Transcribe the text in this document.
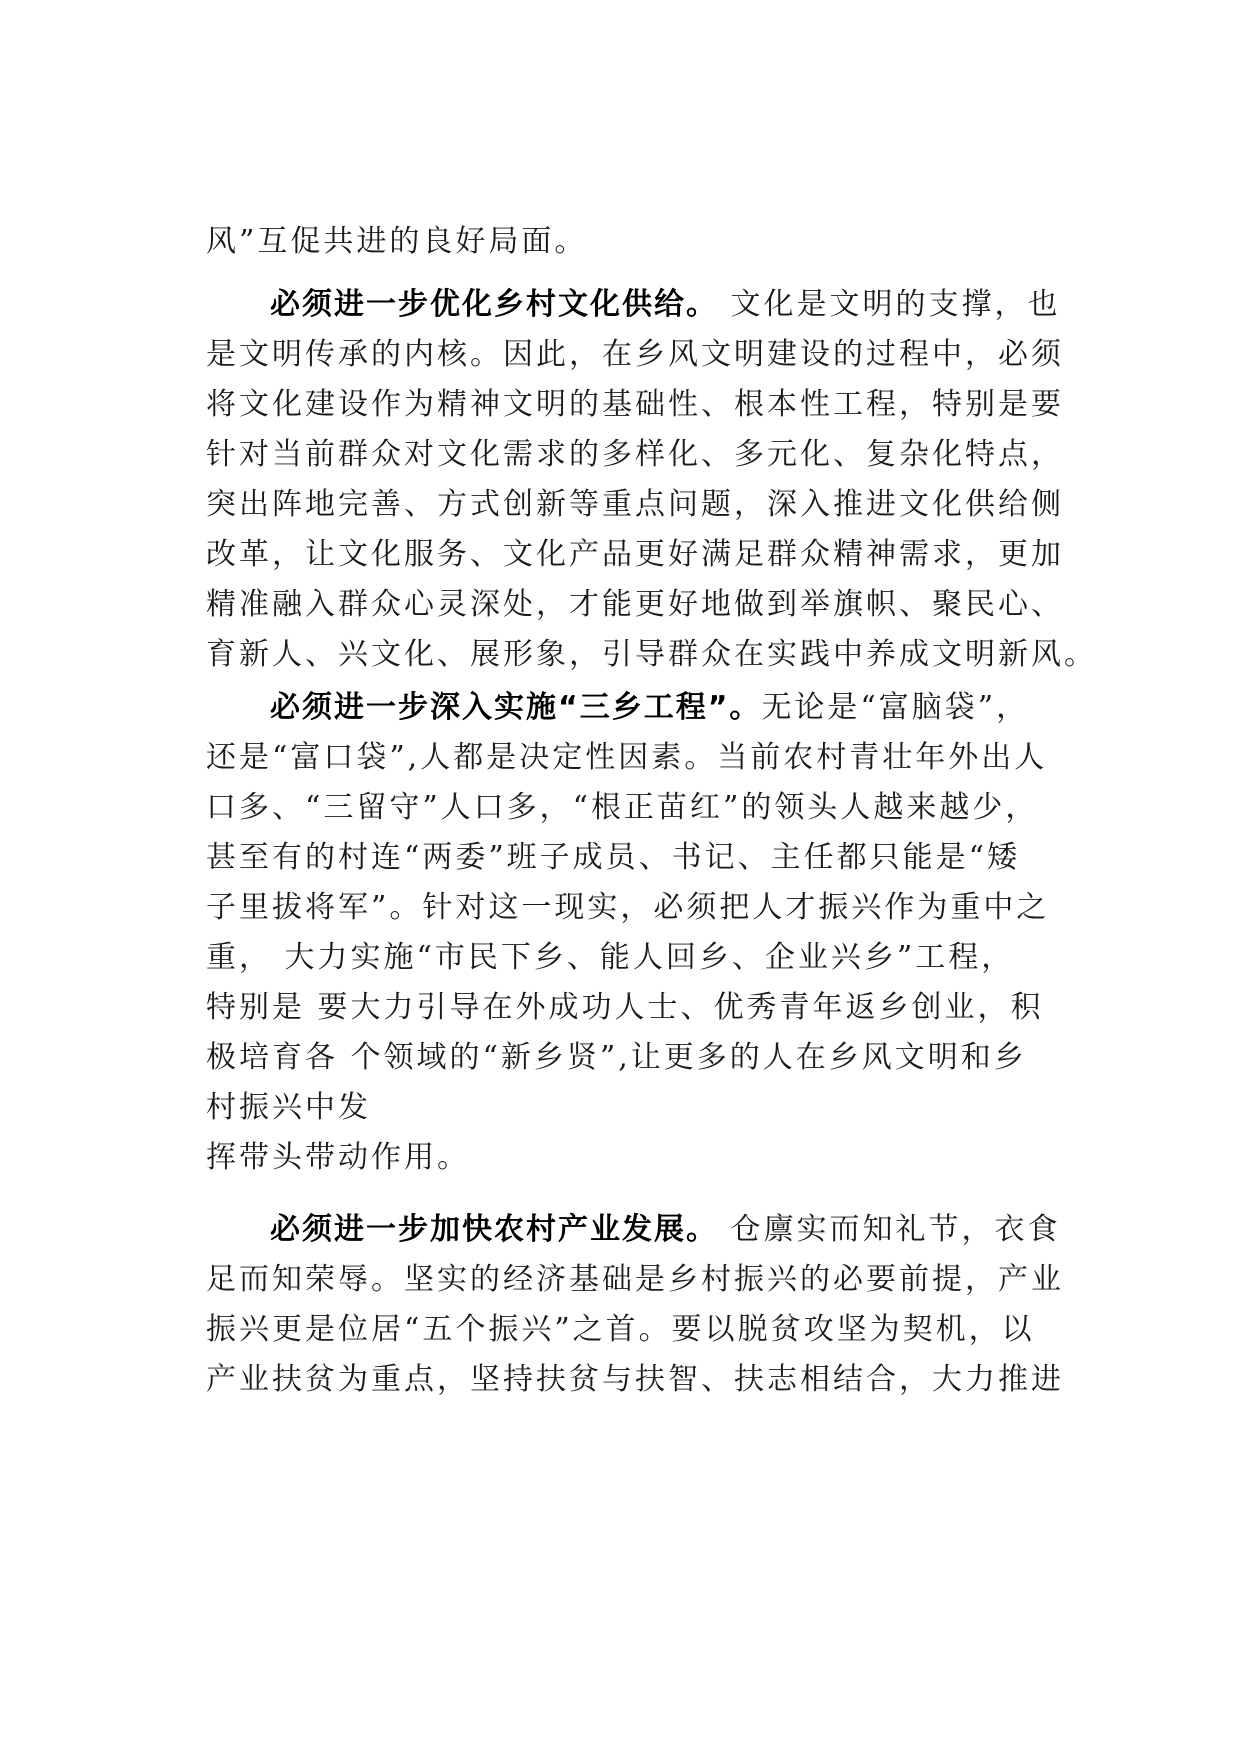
风”互促共进的良好局面。
必须进一步优化乡村文化供给。 文化是文明的支撑，也
是文明传承的内核。因此，在乡风文明建设的过程中，必须
将文化建设作为精神文明的基础性、根本性工程，特别是要
针对当前群众对文化需求的多样化、多元化、复杂化特点，
突出阵地完善、方式创新等重点问题，深入推进文化供给侧
改革，让文化服务、文化产品更好满足群众精神需求，更加
精准融入群众心灵深处，才能更好地做到举旗帜、聚民心、
育新人、兴文化、展形象，引导群众在实践中养成文明新风。
必须进一步深入实施“三乡工程”。无论是“富脑袋”，
还是“富口袋”,人都是决定性因素。当前农村青壮年外出人
口多、“三留守”人口多，“根正苗红”的领头人越来越少，
甚至有的村连“两委”班子成员、书记、主任都只能是“矮
子里拔将军”。针对这一现实，必须把人才振兴作为重中之
重， 大力实施“市民下乡、能人回乡、企业兴乡”工程，
特别是 要大力引导在外成功人士、优秀青年返乡创业，积
极培育各 个领域的“新乡贤”,让更多的人在乡风文明和乡
村振兴中发
挥带头带动作用。
必须进一步加快农村产业发展。 仓廪实而知礼节，衣食
足而知荣辱。坚实的经济基础是乡村振兴的必要前提，产业
振兴更是位居“五个振兴”之首。要以脱贫攻坚为契机，以
产业扶贫为重点，坚持扶贫与扶智、扶志相结合，大力推进
